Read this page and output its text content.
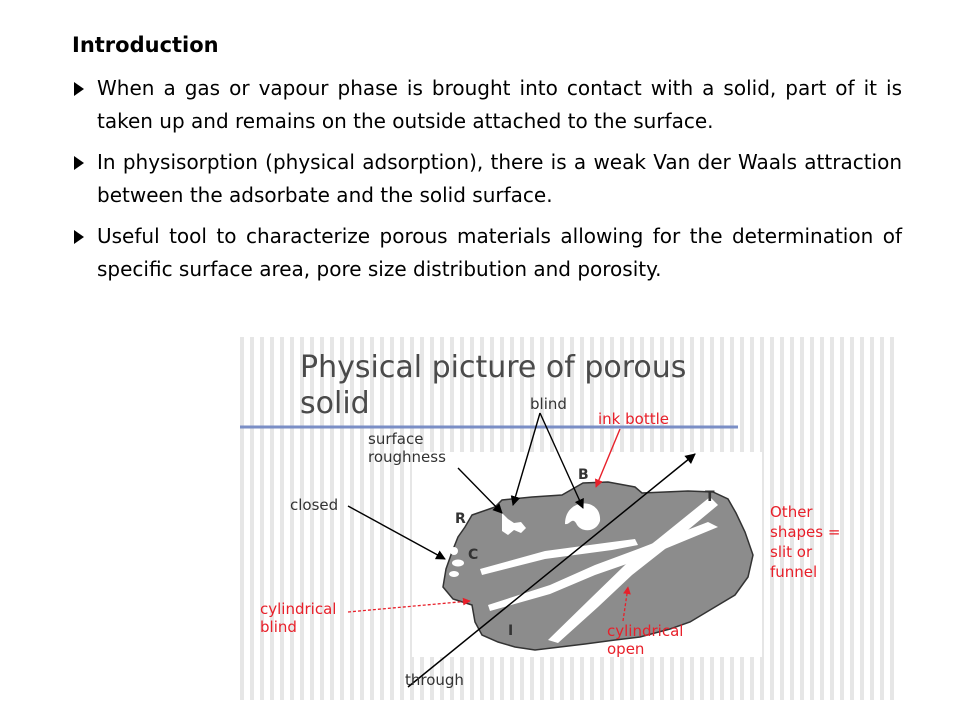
Introduction
When a gas or vapour phase is brought into contact with a solid, part of it is taken up and remains on the outside attached to the surface.
In physisorption (physical adsorption), there is a weak Van der Waals attraction between the adsorbate and the solid surface.
Useful tool to characterize porous materials allowing for the determination of specific surface area, pore size distribution and porosity.
Physical picture of porous
solid	blind
ink bottle
surface
roughness
closed
B
T
R
C
I
Other
shapes =
slit or
funnel
cylindrical
blind	cylindrical
open
through
